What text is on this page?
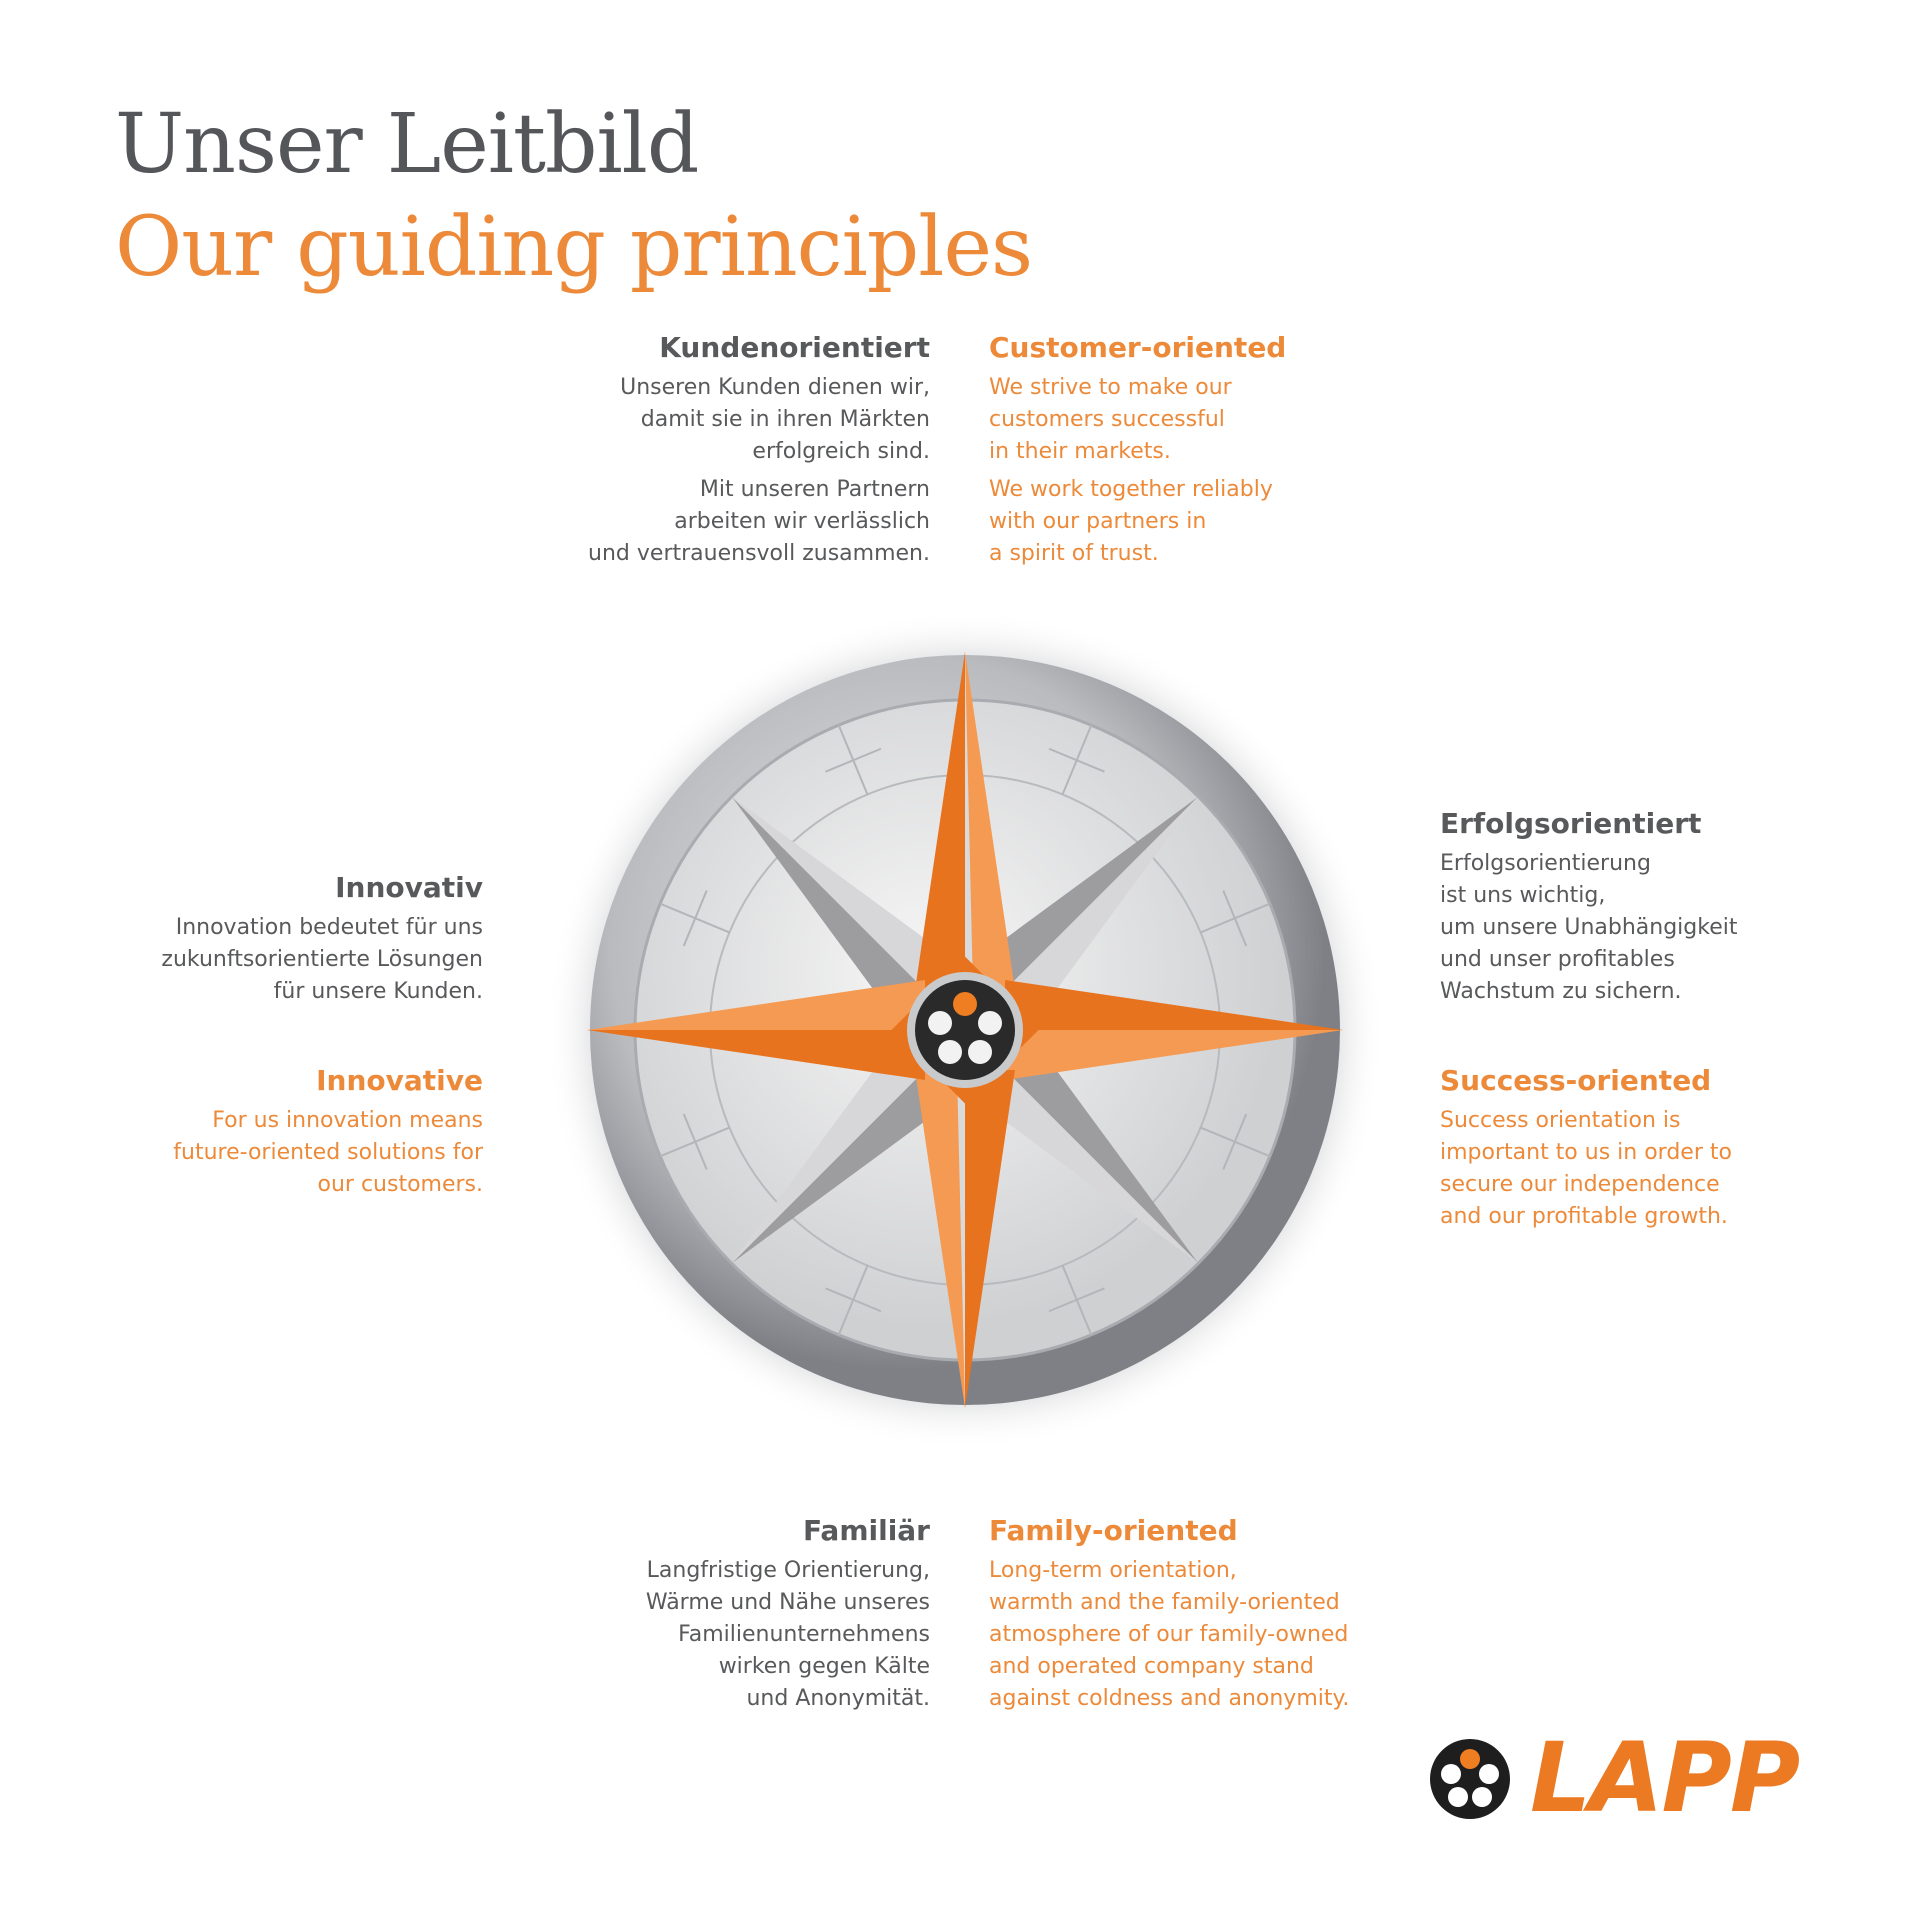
Unser Leitbild
Our guiding principles

Kundenorientiert

Unseren Kunden dienen wir,
damit sie in ihren Märkten
erfolgreich sind.

Mit unseren Partnern
arbeiten wir verlässlich
und vertrauensvoll zusammen.

Customer-oriented

We strive to make our
customers successful
in their markets.

We work together reliably
with our partners in
a spirit of trust.

Innovativ

Innovation bedeutet für uns
zukunftsorientierte Lösungen
für unsere Kunden.

Innovative

For us innovation means
future-oriented solutions for
our customers.

Erfolgsorientiert

Erfolgsorientierung
ist uns wichtig,
um unsere Unabhängigkeit
und unser profitables
Wachstum zu sichern.

Success-oriented

Success orientation is
important to us in order to
secure our independence
and our profitable growth.

Familiär

Langfristige Orientierung,
Wärme und Nähe unseres
Familienunternehmens
wirken gegen Kälte
und Anonymität.

Family-oriented

Long-term orientation,
warmth and the family-oriented
atmosphere of our family-owned
and operated company stand
against coldness and anonymity.

LAPP
